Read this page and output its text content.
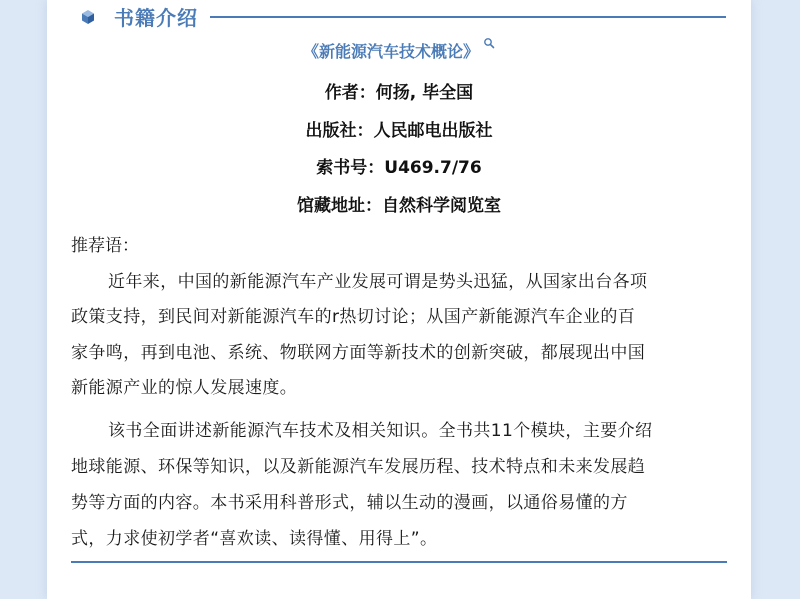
书籍介绍
《新能源汽车技术概论》
作者：何扬, 毕全国
出版社：人民邮电出版社
索书号：U469.7/76
馆藏地址：自然科学阅览室
推荐语：
近年来，中国的新能源汽车产业发展可谓是势头迅猛，从国家出台各项
政策支持，到民间对新能源汽车的r热切讨论；从国产新能源汽车企业的百
家争鸣，再到电池、系统、物联网方面等新技术的创新突破，都展现出中国
新能源产业的惊人发展速度。
该书全面讲述新能源汽车技术及相关知识。全书共11个模块，主要介绍
地球能源、环保等知识，以及新能源汽车发展历程、技术特点和未来发展趋
势等方面的内容。本书采用科普形式，辅以生动的漫画，以通俗易懂的方
式，力求使初学者“喜欢读、读得懂、用得上”。
